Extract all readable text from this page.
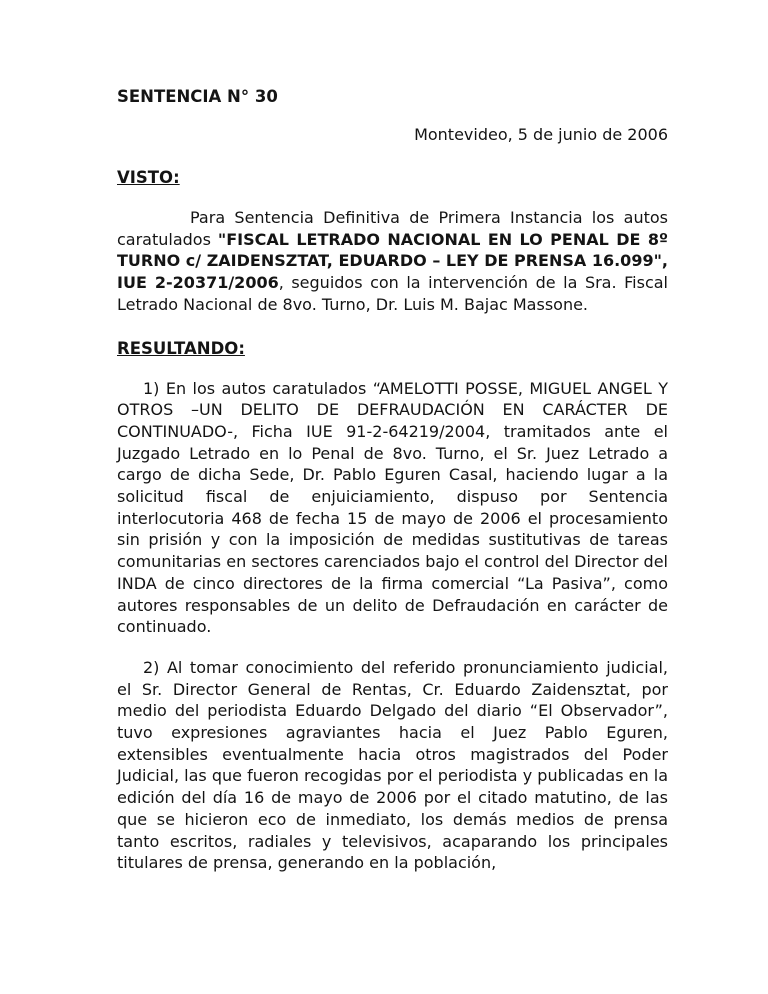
SENTENCIA N° 30
Montevideo, 5 de junio de 2006
VISTO:

Para Sentencia Definitiva de Primera Instancia los autos caratulados "FISCAL LETRADO NACIONAL EN LO PENAL DE 8º TURNO c/ ZAIDENSZTAT, EDUARDO – LEY DE PRENSA 16.099", IUE 2-20371/2006, seguidos con la intervención de la Sra. Fiscal Letrado Nacional de 8vo. Turno, Dr. Luis M. Bajac Massone.

RESULTANDO:

1) En los autos caratulados “AMELOTTI POSSE, MIGUEL ANGEL Y OTROS –UN DELITO DE DEFRAUDACIÓN EN CARÁCTER DE CONTINUADO-, Ficha IUE 91-2-64219/2004, tramitados ante el Juzgado Letrado en lo Penal de 8vo. Turno, el Sr. Juez Letrado a cargo de dicha Sede, Dr. Pablo Eguren Casal, haciendo lugar a la solicitud fiscal de enjuiciamiento, dispuso por Sentencia interlocutoria 468 de fecha 15 de mayo de 2006 el procesamiento sin prisión y con la imposición de medidas sustitutivas de tareas comunitarias en sectores carenciados bajo el control del Director del INDA de cinco directores de la firma comercial “La Pasiva”, como autores responsables de un delito de Defraudación en carácter de continuado.

2) Al tomar conocimiento del referido pronunciamiento judicial, el Sr. Director General de Rentas, Cr. Eduardo Zaidensztat, por medio del periodista Eduardo Delgado del diario “El Observador”, tuvo expresiones agraviantes hacia el Juez Pablo Eguren, extensibles eventualmente hacia otros magistrados del Poder Judicial, las que fueron recogidas por el periodista y publicadas en la edición del día 16 de mayo de 2006 por el citado matutino, de las que se hicieron eco de inmediato, los demás medios de prensa tanto escritos, radiales y televisivos, acaparando los principales titulares de prensa, generando en la población,
